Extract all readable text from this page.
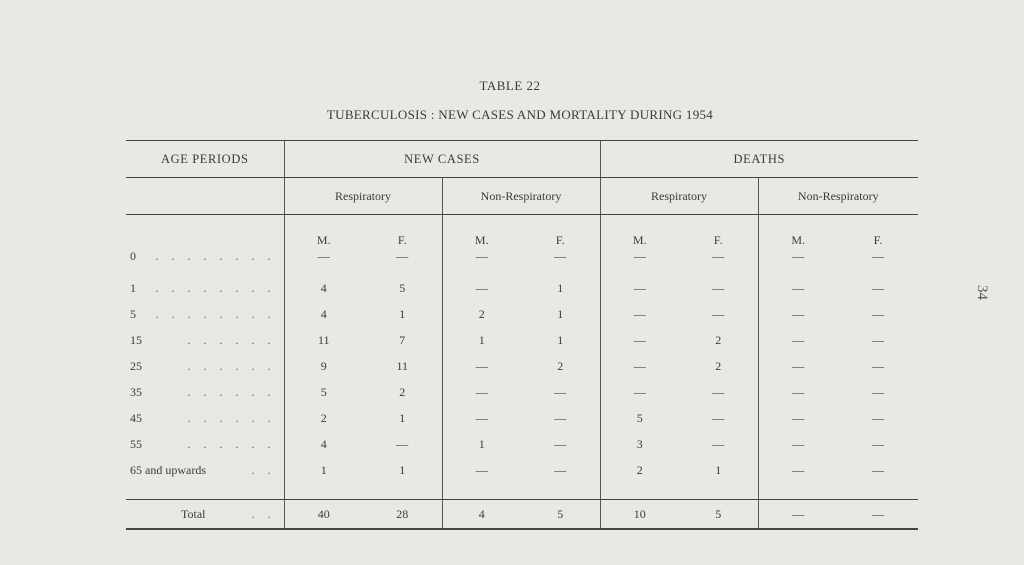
34
TABLE 22
TUBERCULOSIS : NEW CASES AND MORTALITY DURING 1954
AGE PERIODS	NEW CASES				DEATHS			
	Respiratory		Non-Respiratory		Respiratory		Non-Respiratory	

	M.	F.	M.	F.	M.	F.	M.	F.

0 . . . . . . . .	—	—	—	—	—	—	—	—

1 . . . . . . . .	4	5	—	1	—	—	—	—

5 . . . . . . . .	4	1	2	1	—	—	—	—

15 . . . . . .	11	7	1	1	—	2	—	—

25 . . . . . .	9	11	—	2	—	2	—	—

35 . . . . . .	5	2	—	—	—	—	—	—

45 . . . . . .	2	1	—	—	5	—	—	—

55 . . . . . .	4	—	1	—	3	—	—	—

65 and upwards . .	1	1	—	—	2	1	—	—

Total . .	40	28	4	5	10	5	—	—
